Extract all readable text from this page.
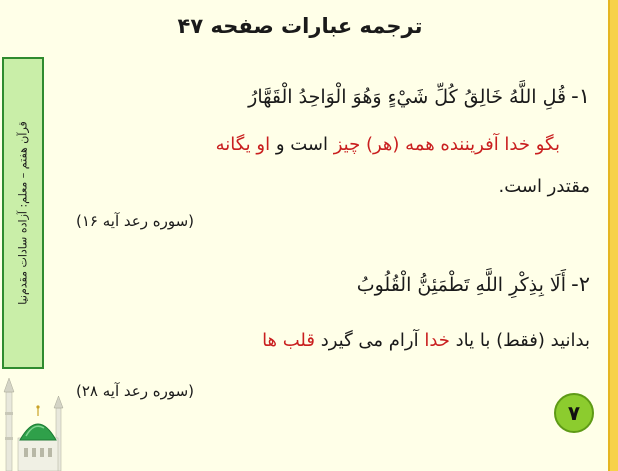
ترجمه عبارات صفحه ۴۷
قرآن هفتم – معلم: آزاده سادات مقدم‌نیا
۱- قُلِ اللَّهُ خَالِقُ كُلِّ شَيْءٍ وَهُوَ الْوَاحِدُ الْقَهَّارُ
بگو خدا آفریننده همه (هر) چیز است و او یگانه
مقتدر است.
(سوره رعد آیه ۱۶)
۲- أَلَا بِذِكْرِ اللَّهِ تَطْمَئِنُّ الْقُلُوبُ
بدانید (فقط) با یاد خدا آرام می گیرد قلب ها
(سوره رعد آیه ۲۸)
۷
